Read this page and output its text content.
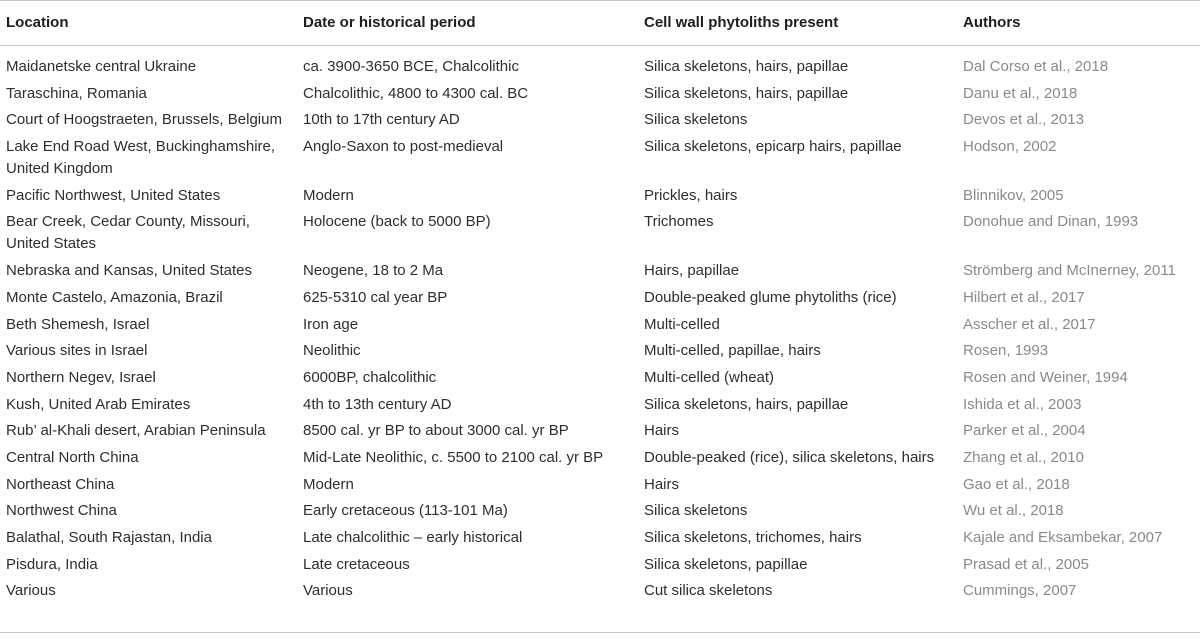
Location	Date or historical period	Cell wall phytoliths present	Authors
Maidanetske central Ukraine	ca. 3900-3650 BCE, Chalcolithic	Silica skeletons, hairs, papillae	Dal Corso et al., 2018
Taraschina, Romania	Chalcolithic, 4800 to 4300 cal. BC	Silica skeletons, hairs, papillae	Danu et al., 2018
Court of Hoogstraeten, Brussels, Belgium	10th to 17th century AD	Silica skeletons	Devos et al., 2013
Lake End Road West, Buckinghamshire, United Kingdom	Anglo-Saxon to post-medieval	Silica skeletons, epicarp hairs, papillae	Hodson, 2002
Pacific Northwest, United States	Modern	Prickles, hairs	Blinnikov, 2005
Bear Creek, Cedar County, Missouri, United States	Holocene (back to 5000 BP)	Trichomes	Donohue and Dinan, 1993
Nebraska and Kansas, United States	Neogene, 18 to 2 Ma	Hairs, papillae	Strömberg and McInerney, 2011
Monte Castelo, Amazonia, Brazil	625-5310 cal year BP	Double-peaked glume phytoliths (rice)	Hilbert et al., 2017
Beth Shemesh, Israel	Iron age	Multi-celled	Asscher et al., 2017
Various sites in Israel	Neolithic	Multi-celled, papillae, hairs	Rosen, 1993
Northern Negev, Israel	6000BP, chalcolithic	Multi-celled (wheat)	Rosen and Weiner, 1994
Kush, United Arab Emirates	4th to 13th century AD	Silica skeletons, hairs, papillae	Ishida et al., 2003
Rub’ al-Khali desert, Arabian Peninsula	8500 cal. yr BP to about 3000 cal. yr BP	Hairs	Parker et al., 2004
Central North China	Mid-Late Neolithic, c. 5500 to 2100 cal. yr BP	Double-peaked (rice), silica skeletons, hairs	Zhang et al., 2010
Northeast China	Modern	Hairs	Gao et al., 2018
Northwest China	Early cretaceous (113-101 Ma)	Silica skeletons	Wu et al., 2018
Balathal, South Rajastan, India	Late chalcolithic – early historical	Silica skeletons, trichomes, hairs	Kajale and Eksambekar, 2007
Pisdura, India	Late cretaceous	Silica skeletons, papillae	Prasad et al., 2005
Various	Various	Cut silica skeletons	Cummings, 2007
